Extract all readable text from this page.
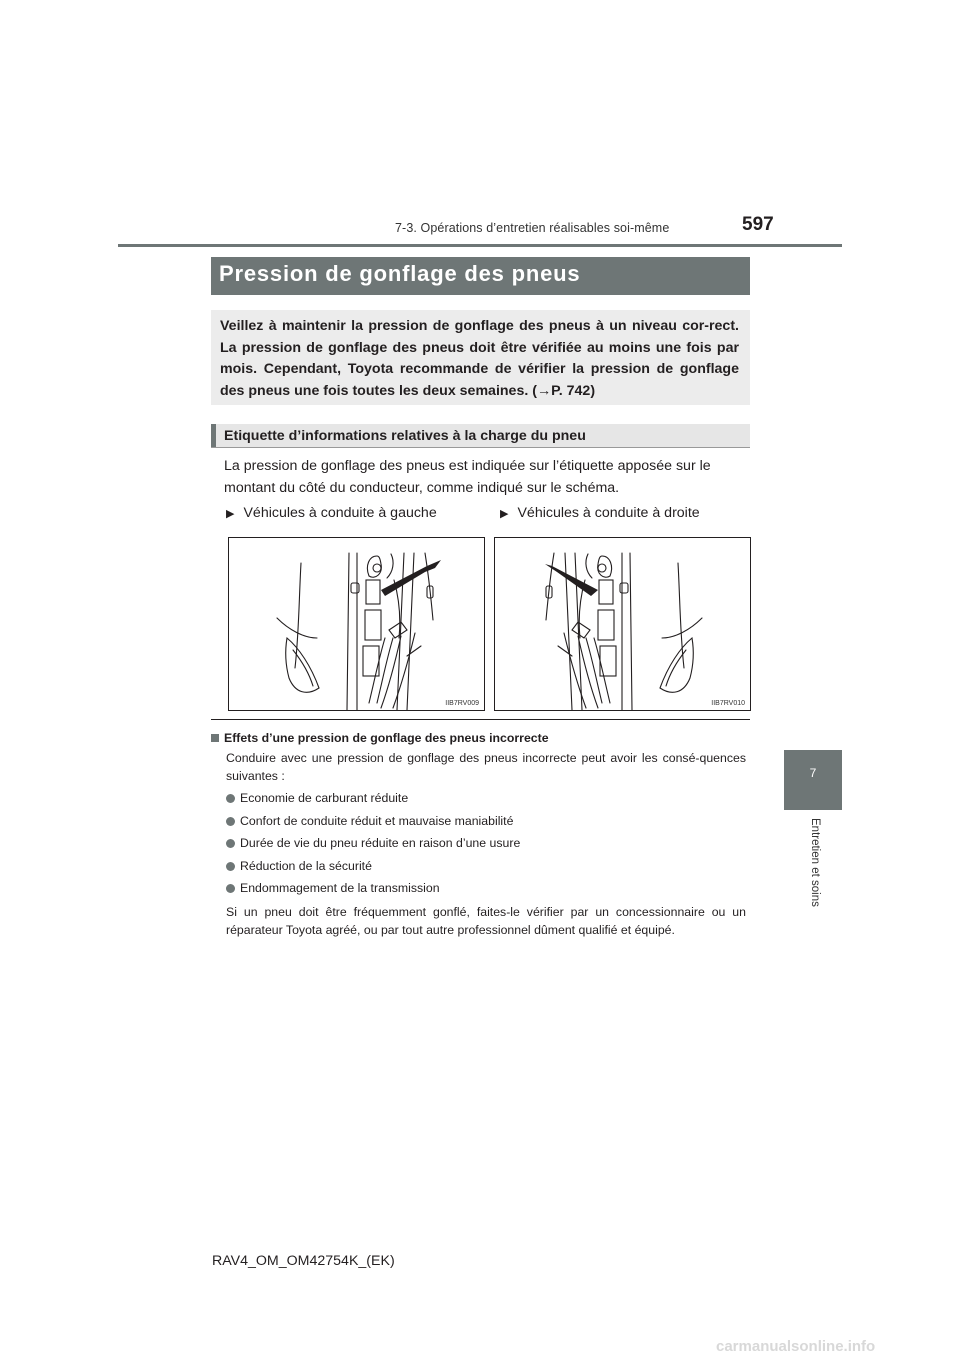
7-3. Opérations d’entretien réalisables soi-même	597
7
Entretien et soins
Pression de gonflage des pneus
Veillez à maintenir la pression de gonflage des pneus à un niveau cor-rect. La pression de gonflage des pneus doit être vérifiée au moins une fois par mois. Cependant, Toyota recommande de vérifier la pression de gonflage des pneus une fois toutes les deux semaines. (→P. 742)
Etiquette d’informations relatives à la charge du pneu
La pression de gonflage des pneus est indiquée sur l’étiquette apposée sur le montant du côté du conducteur, comme indiqué sur le schéma.
▶ Véhicules à conduite à gauche	▶ Véhicules à conduite à droite
IIB7RV009	IIB7RV010
Effets d’une pression de gonflage des pneus incorrecte
Conduire avec une pression de gonflage des pneus incorrecte peut avoir les consé-quences suivantes :
Economie de carburant réduite
Confort de conduite réduit et mauvaise maniabilité
Durée de vie du pneu réduite en raison d’une usure
Réduction de la sécurité
Endommagement de la transmission
Si un pneu doit être fréquemment gonflé, faites-le vérifier par un concessionnaire ou un réparateur Toyota agréé, ou par tout autre professionnel dûment qualifié et équipé.
RAV4_OM_OM42754K_(EK)
carmanualsonline.info
